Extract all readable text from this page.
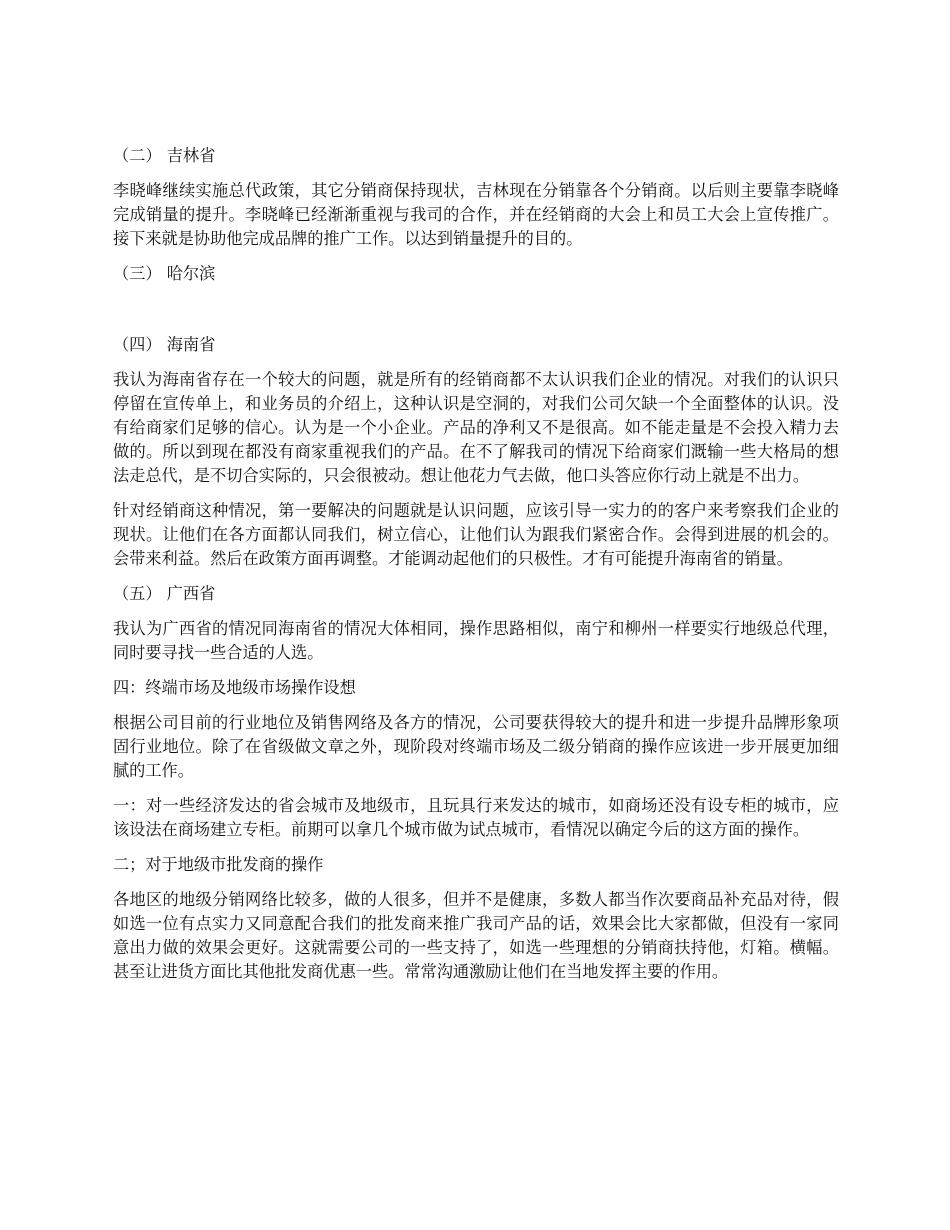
（二） 吉林省

李晓峰继续实施总代政策，其它分销商保持现状，吉林现在分销靠各个分销商。以后则主要靠李晓峰完成销量的提升。李晓峰已经渐渐重视与我司的合作，并在经销商的大会上和员工大会上宣传推广。接下来就是协助他完成品牌的推广工作。以达到销量提升的目的。

（三） 哈尔滨

（四） 海南省

我认为海南省存在一个较大的问题，就是所有的经销商都不太认识我们企业的情况。对我们的认识只停留在宣传单上，和业务员的介绍上，这种认识是空洞的，对我们公司欠缺一个全面整体的认识。没有给商家们足够的信心。认为是一个小企业。产品的净利又不是很高。如不能走量是不会投入精力去做的。所以到现在都没有商家重视我们的产品。在不了解我司的情况下给商家们溉输一些大格局的想法走总代，是不切合实际的，只会很被动。想让他花力气去做，他口头答应你行动上就是不出力。

针对经销商这种情况，第一要解决的问题就是认识问题，应该引导一实力的的客户来考察我们企业的现状。让他们在各方面都认同我们，树立信心，让他们认为跟我们紧密合作。会得到进展的机会的。会带来利益。然后在政策方面再调整。才能调动起他们的只极性。才有可能提升海南省的销量。

（五） 广西省

我认为广西省的情况同海南省的情况大体相同，操作思路相似，南宁和柳州一样要实行地级总代理，同时要寻找一些合适的人选。

四：终端市场及地级市场操作设想

根据公司目前的行业地位及销售网络及各方的情况，公司要获得较大的提升和进一步提升品牌形象项固行业地位。除了在省级做文章之外，现阶段对终端市场及二级分销商的操作应该进一步开展更加细腻的工作。

一：对一些经济发达的省会城市及地级市，且玩具行来发达的城市，如商场还没有设专柜的城市，应该设法在商场建立专柜。前期可以拿几个城市做为试点城市，看情况以确定今后的这方面的操作。

二；对于地级市批发商的操作

各地区的地级分销网络比较多，做的人很多，但并不是健康，多数人都当作次要商品补充品对待，假如选一位有点实力又同意配合我们的批发商来推广我司产品的话，效果会比大家都做，但没有一家同意出力做的效果会更好。这就需要公司的一些支持了，如选一些理想的分销商扶持他，灯箱。横幅。甚至让进货方面比其他批发商优惠一些。常常沟通激励让他们在当地发挥主要的作用。
